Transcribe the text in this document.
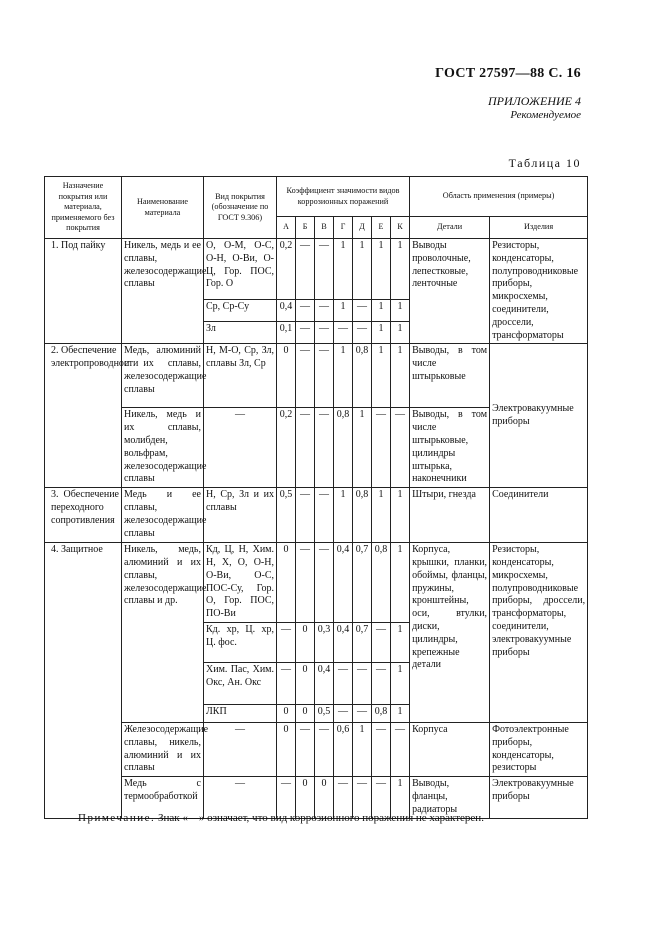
ГОСТ 27597—88 С. 16
ПРИЛОЖЕНИЕ 4
Рекомендуемое
Таблица 10
Назначение покрытия или материала, применяемого без покрытия	Наименование материала	Вид покрытия (обозначение по ГОСТ 9.306)	Коэффициент значимости видов коррозионных поражений							Область применения (примеры)	
			А	Б	В	Г	Д	Е	К	Детали	Изделия
1. Под пайку	Никель, медь и ее сплавы, железосодержащие сплавы	О, О-М, О-С, О-Н, О-Ви, О-Ц, Гор. ПОС, Гор. О	0,2	—	—	1	1	1	1	Выводы проволочные, лепестковые, ленточные	Резисторы, конденсаторы, полупроводниковые приборы, микросхемы, соединители, дроссели, трансформаторы
		Ср, Ср-Су	0,4	—	—	1	—	1	1		
		Зл	0,1	—	—	—	—	1	1		
2. Обеспечение электропроводности	Медь, алюминий и их сплавы, железосодержащие сплавы	Н, М-О, Ср, Зл, сплавы Зл, Ср	0	—	—	1	0,8	1	1	Выводы, в том числе штырьковые	Электровакуумные приборы
	Никель, медь и их сплавы, молибден, вольфрам, железосодержащие сплавы	—	0,2	—	—	0,8	1	—	—	Выводы, в том числе штырьковые, цилиндры штырька, наконечники	
3. Обеспечение переходного сопротивления	Медь и ее сплавы, железосодержащие сплавы	Н, Ср, Зл и их сплавы	0,5	—	—	1	0,8	1	1	Штыри, гнезда	Соединители
4. Защитное	Никель, медь, алюминий и их сплавы, железосодержащие сплавы и др.	Кд, Ц, Н, Хим. Н, Х, О, О-Н, О-Ви, О-С, ПОС-Су, Гор. О, Гор. ПОС, ПО-Ви	0	—	—	0,4	0,7	0,8	1	Корпуса, крышки, планки, обоймы, фланцы, пружины, кронштейны, оси, втулки, диски, цилиндры, крепежные детали	Резисторы, конденсаторы, микросхемы, полупроводниковые приборы, дроссели, трансформаторы, соединители, электровакуумные приборы
		Кд. хр, Ц. хр, Ц. фос.	—	0	0,3	0,4	0,7	—	1		
		Хим. Пас, Хим. Окс, Ан. Окс	—	0	0,4	—	—	—	1		
		ЛКП	0	0	0,5	—	—	0,8	1		
	Железосодержащие сплавы, никель, алюминий и их сплавы	—	0	—	—	0,6	1	—	—	Корпуса	Фотоэлектронные приборы, конденсаторы, резисторы
	Медь с термообработкой	—	—	0	0	—	—	—	1	Выводы, фланцы, радиаторы	Электровакуумные приборы
Примечание. Знак «—» означает, что вид коррозионного поражения не характерен.
